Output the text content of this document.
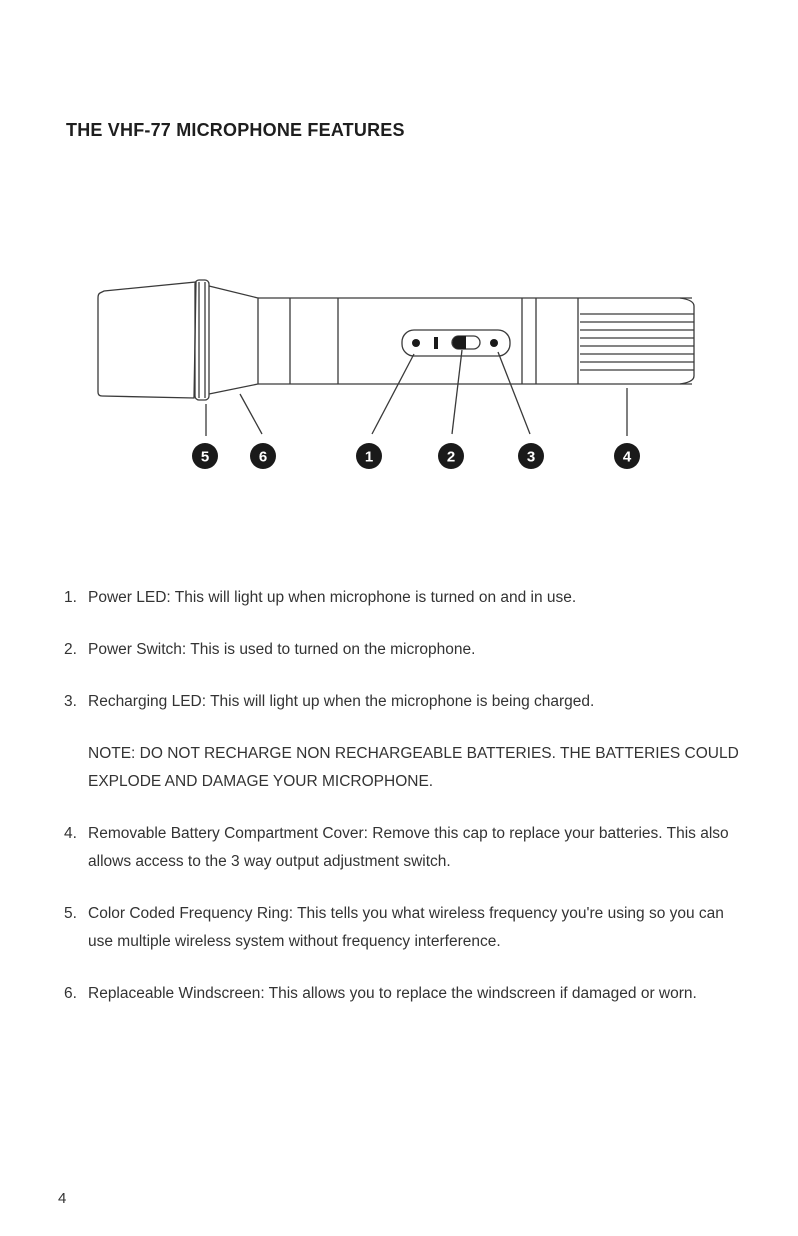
THE VHF-77 MICROPHONE FEATURES
5	6	1	2	3	4
1. Power LED: This will light up when microphone is turned on and in use.
2. Power Switch: This is used to turned on the microphone.
3. Recharging LED: This will light up when the microphone is being charged.
NOTE: DO NOT RECHARGE NON RECHARGEABLE BATTERIES. THE BATTERIES COULD EXPLODE AND DAMAGE YOUR MICROPHONE.
4. Removable Battery Compartment Cover: Remove this cap to replace your batteries. This also allows access to the 3 way output adjustment switch.
5. Color Coded Frequency Ring: This tells you what wireless frequency you're using so you can use multiple wireless system without frequency interference.
6. Replaceable Windscreen: This allows you to replace the windscreen if damaged or worn.
4
